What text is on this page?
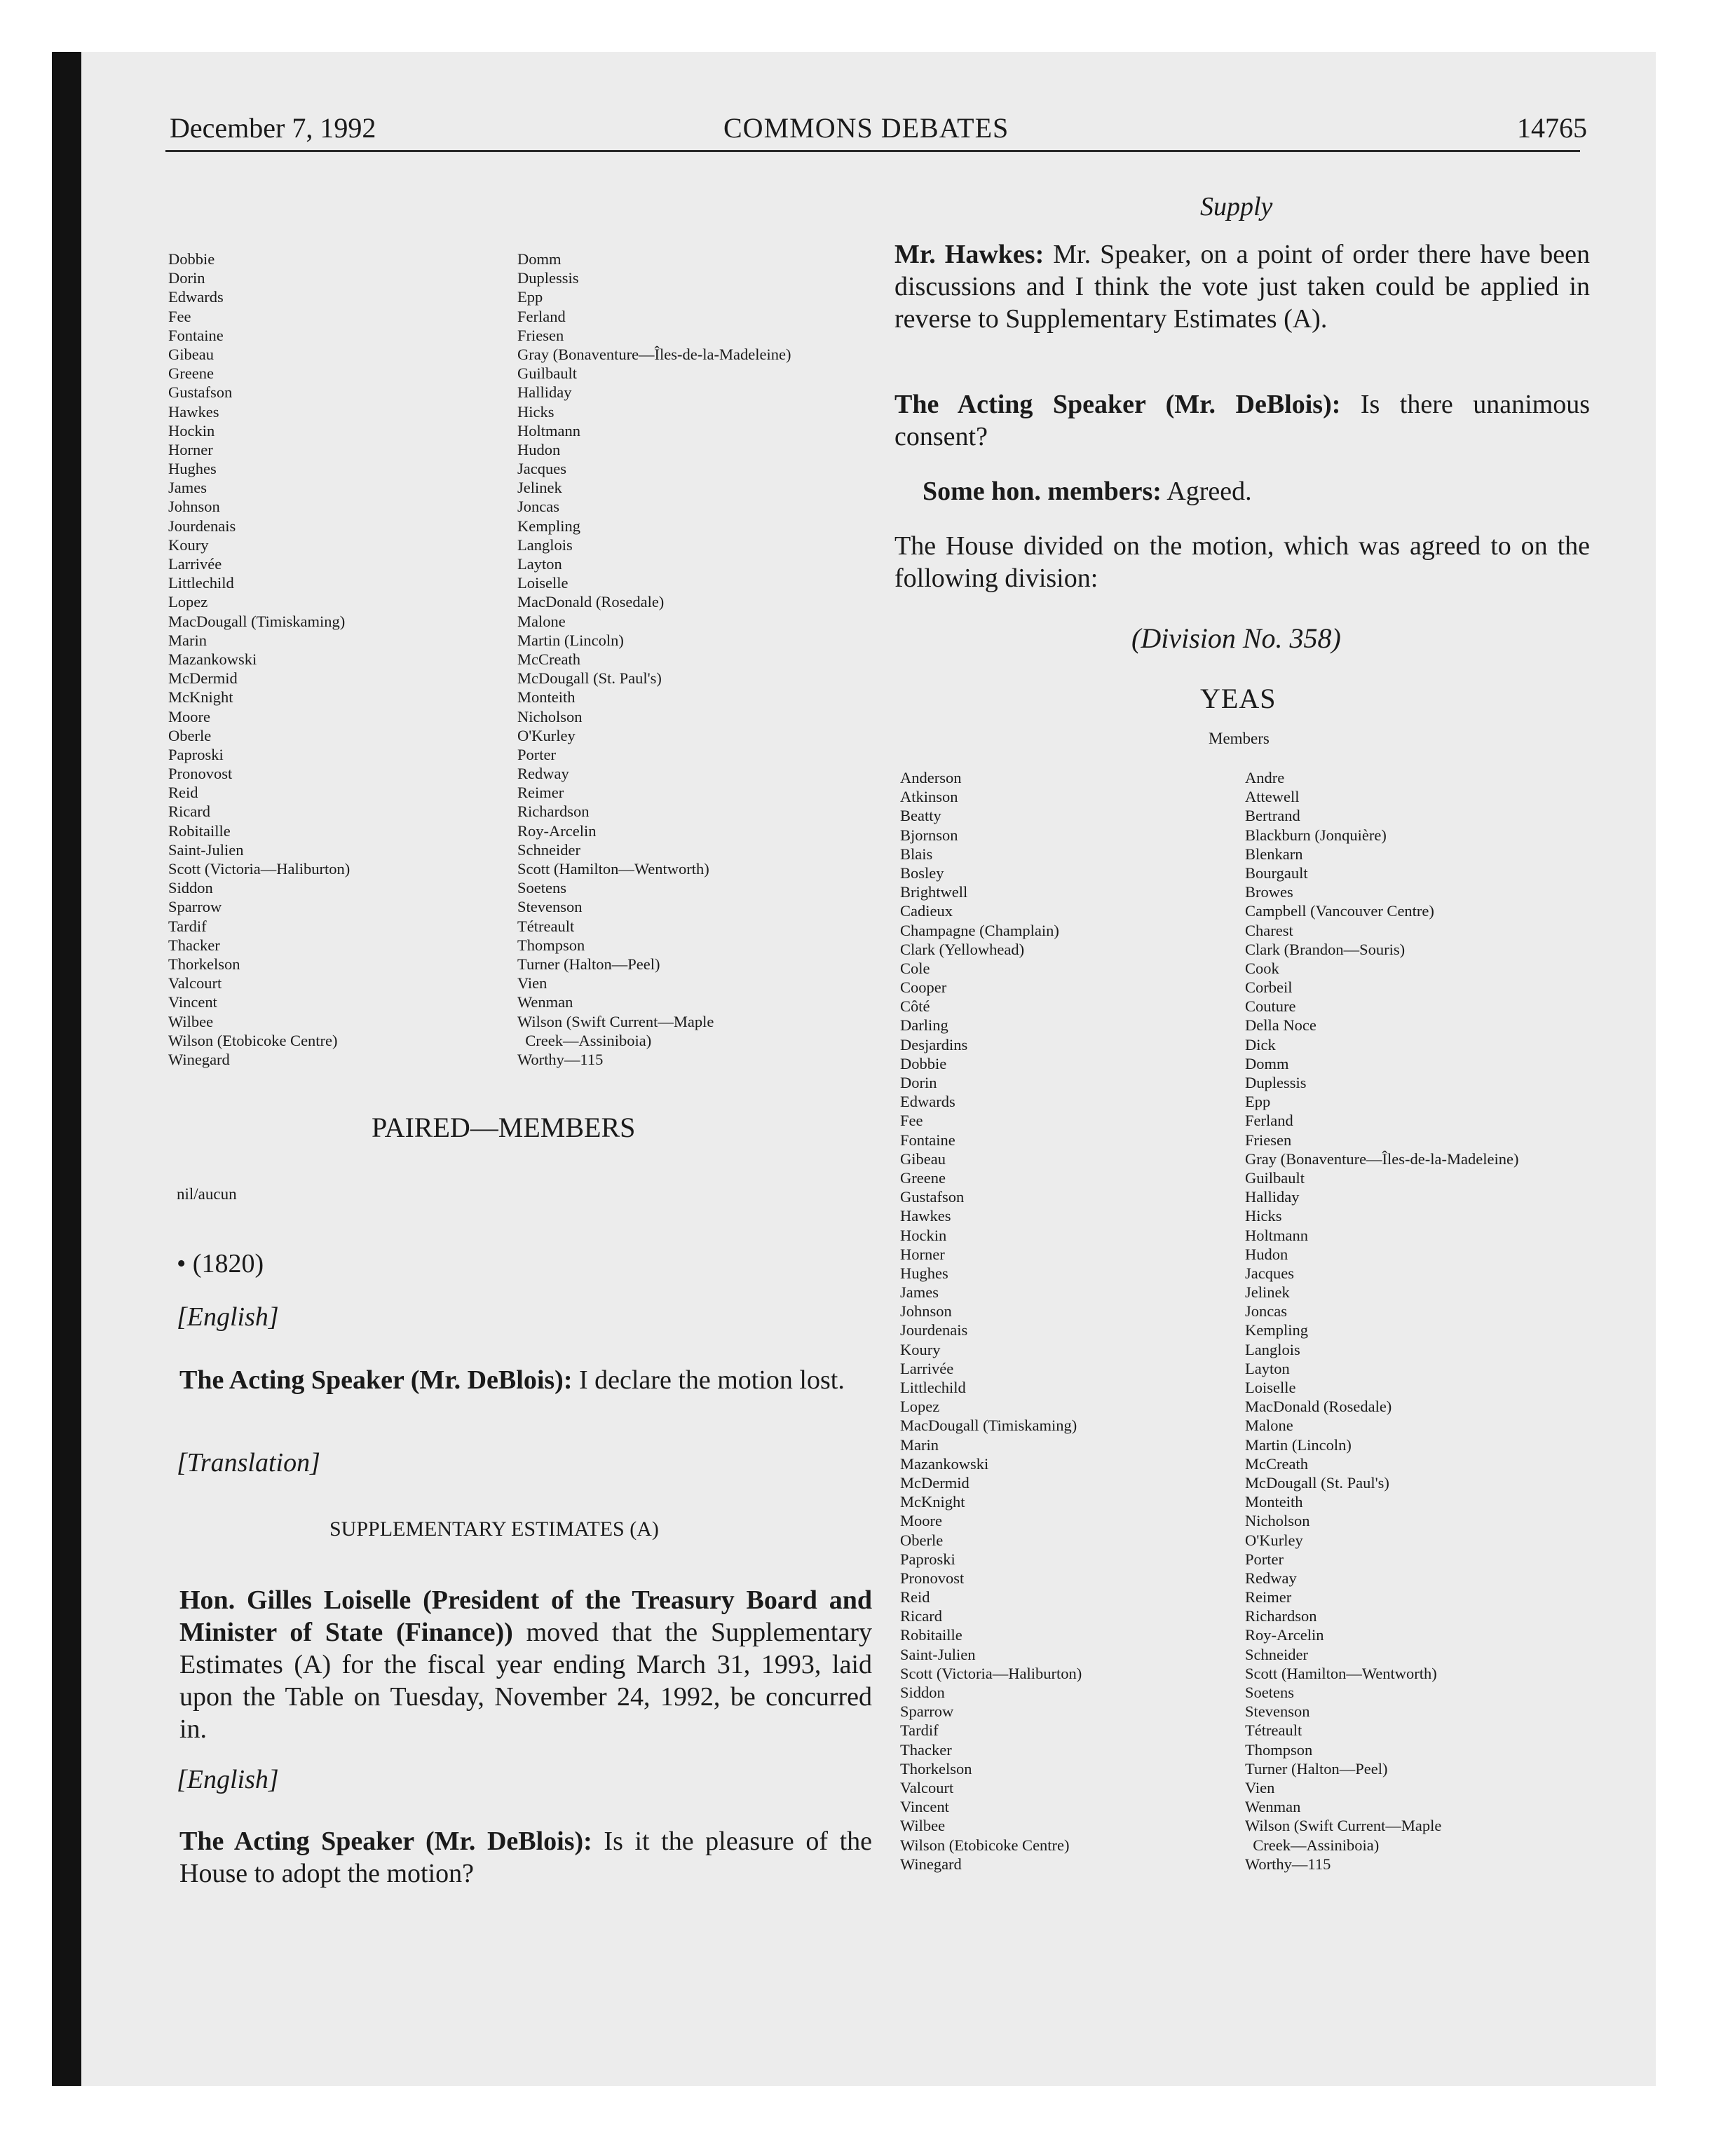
December 7, 1992	COMMONS DEBATES	14765
Dobbie
Dorin
Edwards
Fee
Fontaine
Gibeau
Greene
Gustafson
Hawkes
Hockin
Horner
Hughes
James
Johnson
Jourdenais
Koury
Larrivée
Littlechild
Lopez
MacDougall (Timiskaming)
Marin
Mazankowski
McDermid
McKnight
Moore
Oberle
Paproski
Pronovost
Reid
Ricard
Robitaille
Saint-Julien
Scott (Victoria—Haliburton)
Siddon
Sparrow
Tardif
Thacker
Thorkelson
Valcourt
Vincent
Wilbee
Wilson (Etobicoke Centre)
Winegard
Domm
Duplessis
Epp
Ferland
Friesen
Gray (Bonaventure—Îles-de-la-Madeleine)
Guilbault
Halliday
Hicks
Holtmann
Hudon
Jacques
Jelinek
Joncas
Kempling
Langlois
Layton
Loiselle
MacDonald (Rosedale)
Malone
Martin (Lincoln)
McCreath
McDougall (St. Paul's)
Monteith
Nicholson
O'Kurley
Porter
Redway
Reimer
Richardson
Roy-Arcelin
Schneider
Scott (Hamilton—Wentworth)
Soetens
Stevenson
Tétreault
Thompson
Turner (Halton—Peel)
Vien
Wenman
Wilson (Swift Current—Maple
Creek—Assiniboia)
Worthy—115
PAIRED—MEMBERS
nil/aucun
• (1820)
[English]
The Acting Speaker (Mr. DeBlois): I declare the motion lost.
[Translation]
SUPPLEMENTARY ESTIMATES (A)
Hon. Gilles Loiselle (President of the Treasury Board and Minister of State (Finance)) moved that the Supplementary Estimates (A) for the fiscal year ending March 31, 1993, laid upon the Table on Tuesday, November 24, 1992, be concurred in.
[English]
The Acting Speaker (Mr. DeBlois): Is it the pleasure of the House to adopt the motion?
Supply
Mr. Hawkes: Mr. Speaker, on a point of order there have been discussions and I think the vote just taken could be applied in reverse to Supplementary Estimates (A).
The Acting Speaker (Mr. DeBlois): Is there unanimous consent?
Some hon. members: Agreed.
The House divided on the motion, which was agreed to on the following division:
(Division No. 358)
YEAS
Members
Anderson
Atkinson
Beatty
Bjornson
Blais
Bosley
Brightwell
Cadieux
Champagne (Champlain)
Clark (Yellowhead)
Cole
Cooper
Côté
Darling
Desjardins
Dobbie
Dorin
Edwards
Fee
Fontaine
Gibeau
Greene
Gustafson
Hawkes
Hockin
Horner
Hughes
James
Johnson
Jourdenais
Koury
Larrivée
Littlechild
Lopez
MacDougall (Timiskaming)
Marin
Mazankowski
McDermid
McKnight
Moore
Oberle
Paproski
Pronovost
Reid
Ricard
Robitaille
Saint-Julien
Scott (Victoria—Haliburton)
Siddon
Sparrow
Tardif
Thacker
Thorkelson
Valcourt
Vincent
Wilbee
Wilson (Etobicoke Centre)
Winegard
Andre
Attewell
Bertrand
Blackburn (Jonquière)
Blenkarn
Bourgault
Browes
Campbell (Vancouver Centre)
Charest
Clark (Brandon—Souris)
Cook
Corbeil
Couture
Della Noce
Dick
Domm
Duplessis
Epp
Ferland
Friesen
Gray (Bonaventure—Îles-de-la-Madeleine)
Guilbault
Halliday
Hicks
Holtmann
Hudon
Jacques
Jelinek
Joncas
Kempling
Langlois
Layton
Loiselle
MacDonald (Rosedale)
Malone
Martin (Lincoln)
McCreath
McDougall (St. Paul's)
Monteith
Nicholson
O'Kurley
Porter
Redway
Reimer
Richardson
Roy-Arcelin
Schneider
Scott (Hamilton—Wentworth)
Soetens
Stevenson
Tétreault
Thompson
Turner (Halton—Peel)
Vien
Wenman
Wilson (Swift Current—Maple
Creek—Assiniboia)
Worthy—115
